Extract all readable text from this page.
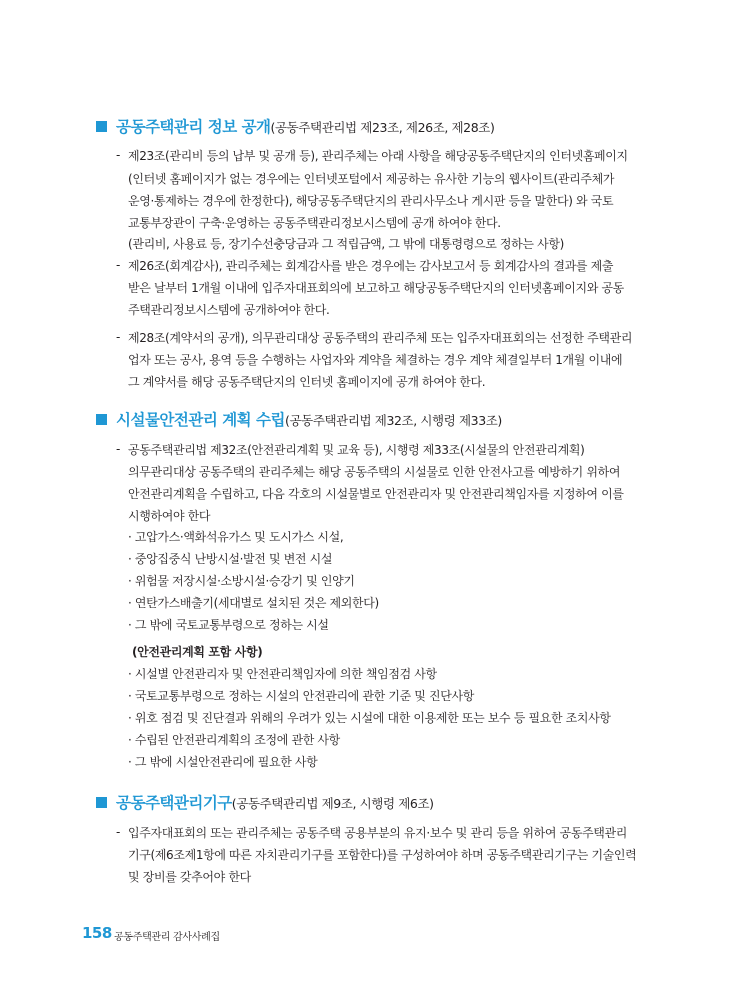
공동주택관리 정보 공개 (공동주택관리법 제23조, 제26조, 제28조)
- 제23조(관리비 등의 납부 및 공개 등), 관리주체는 아래 사항을 해당공동주택단지의 인터넷홈페이지
(인터넷 홈페이지가 없는 경우에는 인터넷포털에서 제공하는 유사한 기능의 웹사이트(관리주체가
운영·통제하는 경우에 한정한다), 해당공동주택단지의 관리사무소나 게시판 등을 말한다) 와 국토
교통부장관이 구축·운영하는 공동주택관리정보시스템에 공개 하여야 한다.
(관리비, 사용료 등, 장기수선충당금과 그 적립금액, 그 밖에 대통령령으로 정하는 사항)
- 제26조(회계감사), 관리주체는 회계감사를 받은 경우에는 감사보고서 등 회계감사의 결과를 제출
받은 날부터 1개월 이내에 입주자대표회의에 보고하고 해당공동주택단지의 인터넷홈페이지와 공동
주택관리정보시스템에 공개하여야 한다.
- 제28조(계약서의 공개), 의무관리대상 공동주택의 관리주체 또는 입주자대표회의는 선정한 주택관리
업자 또는 공사, 용역 등을 수행하는 사업자와 계약을 체결하는 경우 계약 체결일부터 1개월 이내에
그 계약서를 해당 공동주택단지의 인터넷 홈페이지에 공개 하여야 한다.
시설물안전관리 계획 수립 (공동주택관리법 제32조, 시행령 제33조)
- 공동주택관리법 제32조(안전관리계획 및 교육 등), 시행령 제33조(시설물의 안전관리계획)
의무관리대상 공동주택의 관리주체는 해당 공동주택의 시설물로 인한 안전사고를 예방하기 위하여
안전관리계획을 수립하고, 다음 각호의 시설물별로 안전관리자 및 안전관리책임자를 지정하여 이를
시행하여야 한다
· 고압가스·액화석유가스 및 도시가스 시설,
· 중앙집중식 난방시설·발전 및 변전 시설
· 위험물 저장시설·소방시설·승강기 및 인양기
· 연탄가스배출기(세대별로 설치된 것은 제외한다)
· 그 밖에 국토교통부령으로 정하는 시설
(안전관리계획 포함 사항)
· 시설별 안전관리자 및 안전관리책임자에 의한 책임점검 사항
· 국토교통부령으로 정하는 시설의 안전관리에 관한 기준 및 진단사항
· 위호 점검 및 진단결과 위해의 우려가 있는 시설에 대한 이용제한 또는 보수 등 필요한 조치사항
· 수립된 안전관리계획의 조정에 관한 사항
· 그 밖에 시설안전관리에 필요한 사항
공동주택관리기구 (공동주택관리법 제9조, 시행령 제6조)
- 입주자대표회의 또는 관리주체는 공동주택 공용부분의 유지·보수 및 관리 등을 위하여 공동주택관리
기구(제6조제1항에 따른 자치관리기구를 포함한다)를 구성하여야 하며 공동주택관리기구는 기술인력
및 장비를 갖추어야 한다
158 공동주택관리 감사사례집
